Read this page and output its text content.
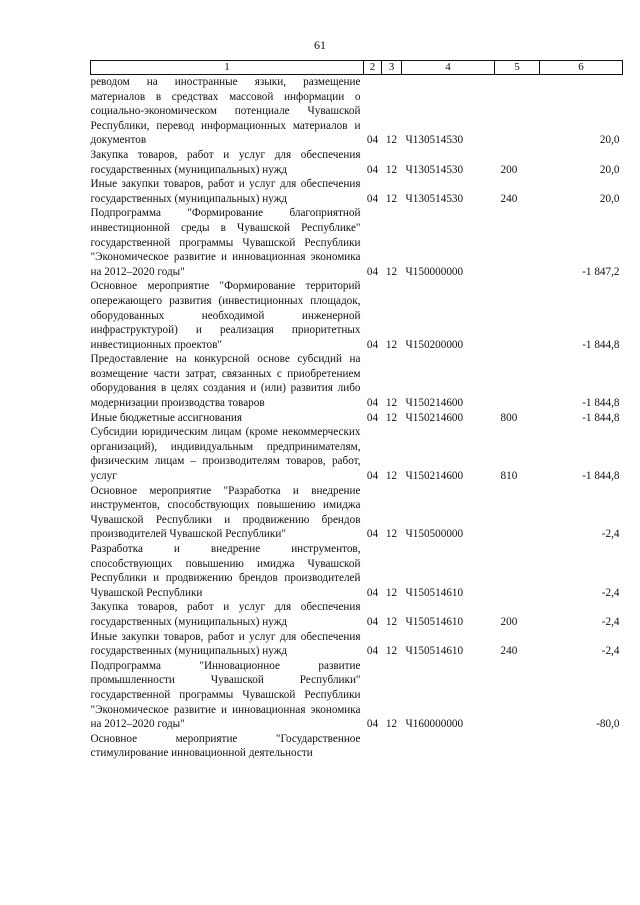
61
1	2	3	4	5	6
реводом на иностранные языки, размещение материалов в средствах массовой информации о социально-экономическом потенциале Чувашской Республики, перевод информационных материалов и документов	04	12	Ч130514530		20,0
Закупка товаров, работ и услуг для обеспечения государственных (муниципальных) нужд	04	12	Ч130514530	200	20,0
Иные закупки товаров, работ и услуг для обеспечения государственных (муниципальных) нужд	04	12	Ч130514530	240	20,0
Подпрограмма "Формирование благоприятной инвестиционной среды в Чувашской Республике" государственной программы Чувашской Республики "Экономическое развитие и инновационная экономика на 2012–2020 годы"	04	12	Ч150000000		-1 847,2
Основное мероприятие "Формирование территорий опережающего развития (инвестиционных площадок, оборудованных необходимой инженерной инфраструктурой) и реализация приоритетных инвестиционных проектов"	04	12	Ч150200000		-1 844,8
Предоставление на конкурсной основе субсидий на возмещение части затрат, связанных с приобретением оборудования в целях создания и (или) развития либо модернизации производства товаров	04	12	Ч150214600		-1 844,8
Иные бюджетные ассигнования	04	12	Ч150214600	800	-1 844,8
Субсидии юридическим лицам (кроме некоммерческих организаций), индивидуальным предпринимателям, физическим лицам – производителям товаров, работ, услуг	04	12	Ч150214600	810	-1 844,8
Основное мероприятие "Разработка и внедрение инструментов, способствующих повышению имиджа Чувашской Республики и продвижению брендов производителей Чувашской Республики"	04	12	Ч150500000		-2,4
Разработка и внедрение инструментов, способствующих повышению имиджа Чувашской Республики и продвижению брендов производителей Чувашской Республики	04	12	Ч150514610		-2,4
Закупка товаров, работ и услуг для обеспечения государственных (муниципальных) нужд	04	12	Ч150514610	200	-2,4
Иные закупки товаров, работ и услуг для обеспечения государственных (муниципальных) нужд	04	12	Ч150514610	240	-2,4
Подпрограмма "Инновационное развитие промышленности Чувашской Республики" государственной программы Чувашской Республики "Экономическое развитие и инновационная экономика на 2012–2020 годы"	04	12	Ч160000000		-80,0
Основное мероприятие "Государственное стимулирование инновационной деятельности					
